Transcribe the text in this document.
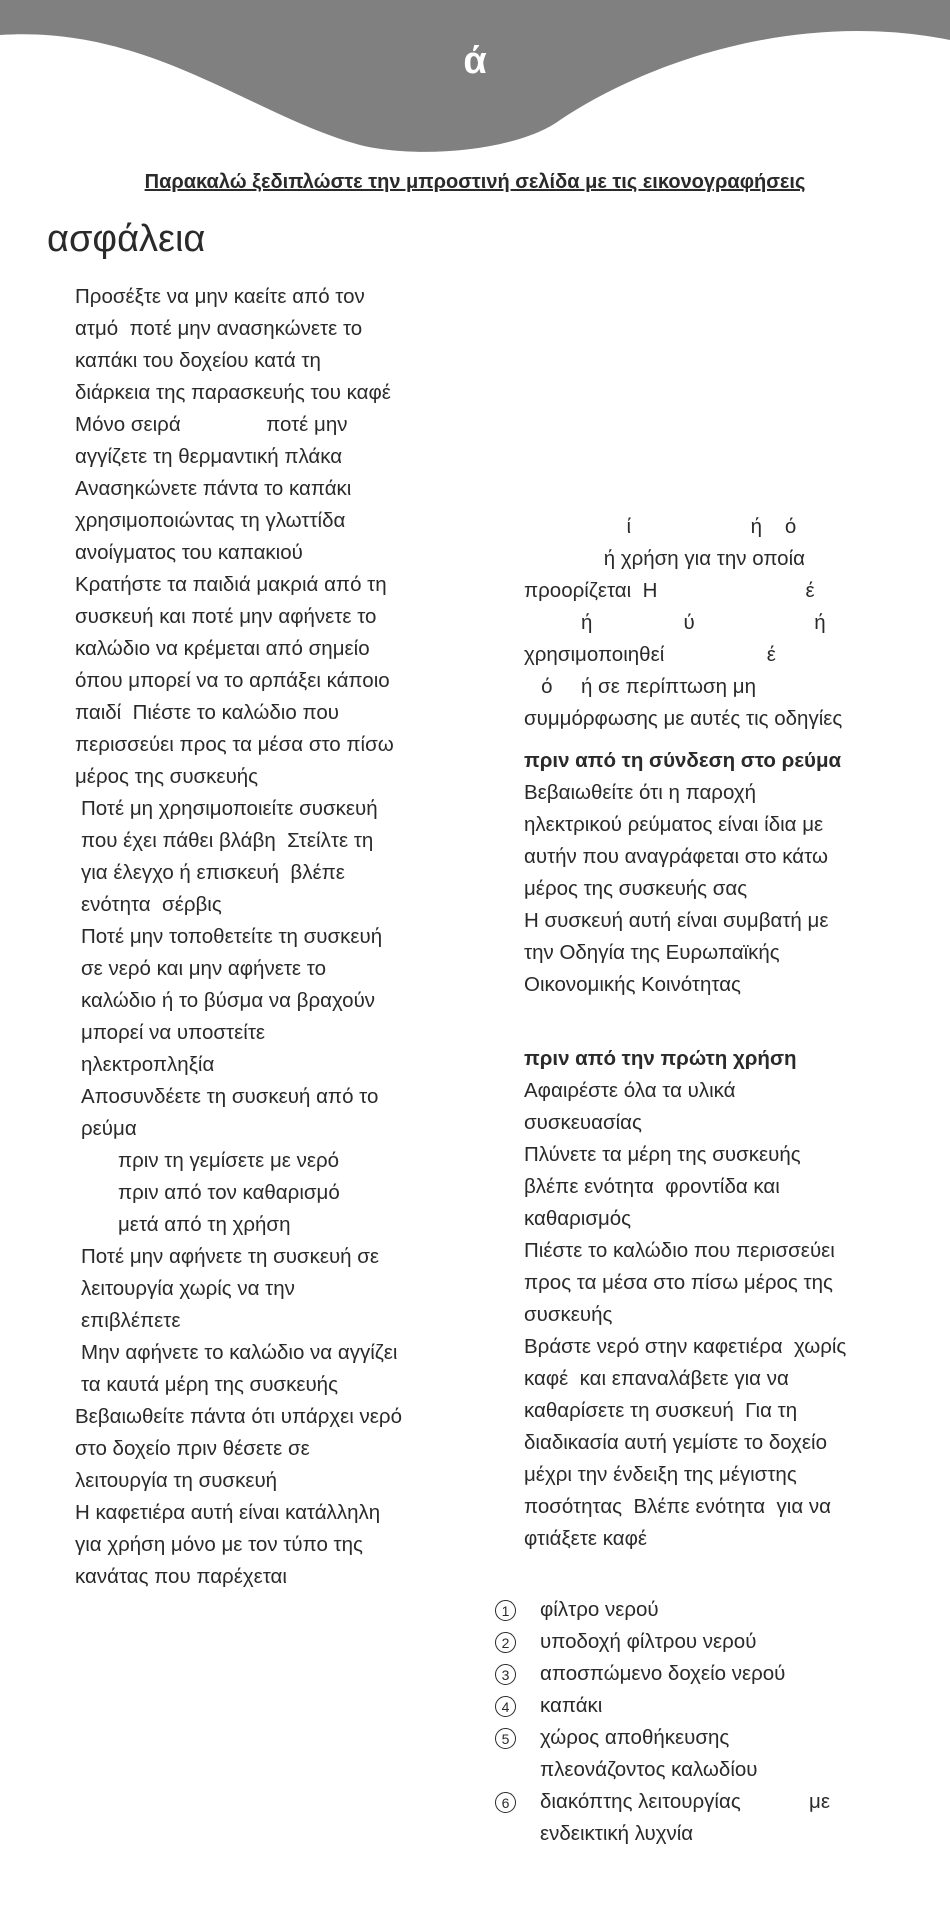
ά
Παρακαλώ ξεδιπλώστε την μπροστινή σελίδα με τις εικονογραφήσεις
ασφάλεια
Προσέξτε να μην καείτε από τον
ατμό  ποτέ μην ανασηκώνετε το
καπάκι του δοχείου κατά τη
διάρκεια της παρασκευής του καφέ
Μόνο σειρά               ποτέ μην
αγγίζετε τη θερμαντική πλάκα
Ανασηκώνετε πάντα το καπάκι
χρησιμοποιώντας τη γλωττίδα
ανοίγματος του καπακιού
Κρατήστε τα παιδιά μακριά από τη
συσκευή και ποτέ μην αφήνετε το
καλώδιο να κρέμεται από σημείο
όπου μπορεί να το αρπάξει κάποιο
παιδί  Πιέστε το καλώδιο που
περισσεύει προς τα μέσα στο πίσω
μέρος της συσκευής
Ποτέ μη χρησιμοποιείτε συσκευή
που έχει πάθει βλάβη  Στείλτε τη
για έλεγχο ή επισκευή  βλέπε
ενότητα  σέρβις
Ποτέ μην τοποθετείτε τη συσκευή
σε νερό και μην αφήνετε το
καλώδιο ή το βύσμα να βραχούν
μπορεί να υποστείτε
ηλεκτροπληξία
Αποσυνδέετε τη συσκευή από το
ρεύμα
πριν τη γεμίσετε με νερό
πριν από τον καθαρισμό
μετά από τη χρήση
Ποτέ μην αφήνετε τη συσκευή σε
λειτουργία χωρίς να την
επιβλέπετε
Μην αφήνετε το καλώδιο να αγγίζει
τα καυτά μέρη της συσκευής
Βεβαιωθείτε πάντα ότι υπάρχει νερό
στο δοχείο πριν θέσετε σε
λειτουργία τη συσκευή
Η καφετιέρα αυτή είναι κατάλληλη
για χρήση μόνο με τον τύπο της
κανάτας που παρέχεται
ί                     ή    ό
ή χρήση για την οποία
προορίζεται  Η                          έ
ή                ύ                     ή
χρησιμοποιηθεί                  έ
ό     ή σε περίπτωση μη
συμμόρφωσης με αυτές τις οδηγίες
πριν από τη σύνδεση στο ρεύμα
Βεβαιωθείτε ότι η παροχή
ηλεκτρικού ρεύματος είναι ίδια με
αυτήν που αναγράφεται στο κάτω
μέρος της συσκευής σας
Η συσκευή αυτή είναι συμβατή με
την Οδηγία της Ευρωπαϊκής
Οικονομικής Κοινότητας
πριν από την πρώτη χρήση
Αφαιρέστε όλα τα υλικά
συσκευασίας
Πλύνετε τα μέρη της συσκευής
βλέπε ενότητα  φροντίδα και
καθαρισμός
Πιέστε το καλώδιο που περισσεύει
προς τα μέσα στο πίσω μέρος της
συσκευής
Βράστε νερό στην καφετιέρα  χωρίς
καφέ  και επαναλάβετε για να
καθαρίσετε τη συσκευή  Για τη
διαδικασία αυτή γεμίστε το δοχείο
μέχρι την ένδειξη της μέγιστης
ποσότητας  Βλέπε ενότητα  για να
φτιάξετε καφέ
1	φίλτρο νερού
2	υποδοχή φίλτρου νερού
3	αποσπώμενο δοχείο νερού
4	καπάκι
5	χώρος αποθήκευσης
πλεονάζοντος καλωδίου
6	διακόπτης λειτουργίας            με
ενδεικτική λυχνία
